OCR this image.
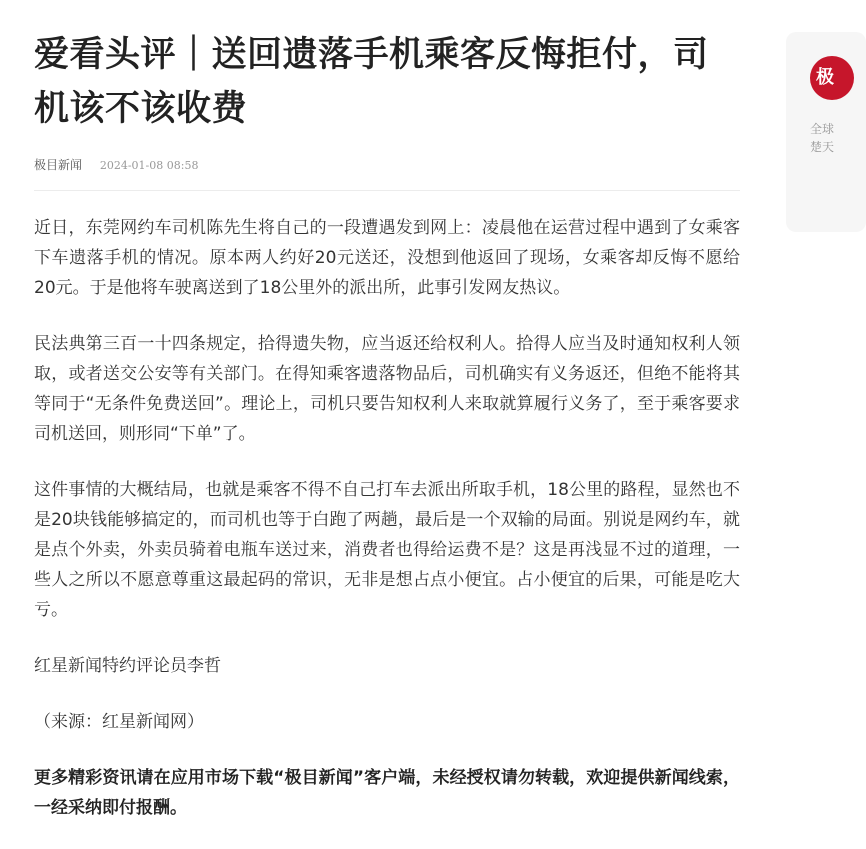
爱看头评｜送回遗落手机乘客反悔拒付，司机该不该收费
极目新闻 2024-01-08 08:58

近日，东莞网约车司机陈先生将自己的一段遭遇发到网上：凌晨他在运营过程中遇到了女乘客下车遗落手机的情况。原本两人约好20元送还，没想到他返回了现场，女乘客却反悔不愿给20元。于是他将车驶离送到了18公里外的派出所，此事引发网友热议。

民法典第三百一十四条规定，拾得遗失物，应当返还给权利人。拾得人应当及时通知权利人领取，或者送交公安等有关部门。在得知乘客遗落物品后，司机确实有义务返还，但绝不能将其等同于“无条件免费送回”。理论上，司机只要告知权利人来取就算履行义务了，至于乘客要求司机送回，则形同“下单”了。

这件事情的大概结局，也就是乘客不得不自己打车去派出所取手机，18公里的路程，显然也不是20块钱能够搞定的，而司机也等于白跑了两趟，最后是一个双输的局面。别说是网约车，就是点个外卖，外卖员骑着电瓶车送过来，消费者也得给运费不是？这是再浅显不过的道理，一些人之所以不愿意尊重这最起码的常识，无非是想占点小便宜。占小便宜的后果，可能是吃大亏。

红星新闻特约评论员李哲

（来源：红星新闻网）

更多精彩资讯请在应用市场下载“极目新闻”客户端，未经授权请勿转载，欢迎提供新闻线索，一经采纳即付报酬。

极
全球
楚天
